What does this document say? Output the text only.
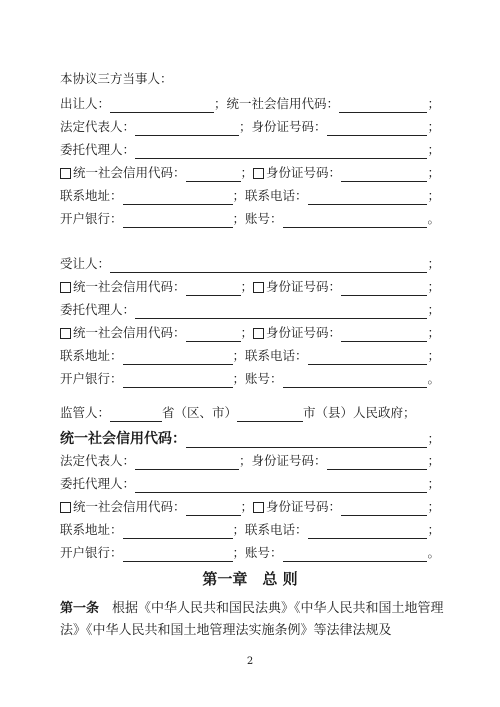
本协议三方当事人：
出让人：	；统一社会信用代码：	；
法定代表人：	；身份证号码：	；
委托代理人：	；
统一社会信用代码：	； 身份证号码：	；
联系地址：	；联系电话：	；
开户银行：	；账号：	。
受让人：	；
统一社会信用代码：	； 身份证号码：	；
委托代理人：	；
统一社会信用代码：	； 身份证号码：	；
联系地址：	；联系电话：	；
开户银行：	；账号：	。
监管人：	省（区、市）	市（县）人民政府；
统一社会信用代码：	；
法定代表人：	；身份证号码：	；
委托代理人：	；
统一社会信用代码：	； 身份证号码：	；
联系地址：	；联系电话：	；
开户银行：	；账号：	。
第一章　总 则
第一条　根据《中华人民共和国民法典》《中华人民共和国土地管理法》《中华人民共和国土地管理法实施条例》等法律法规及
2
